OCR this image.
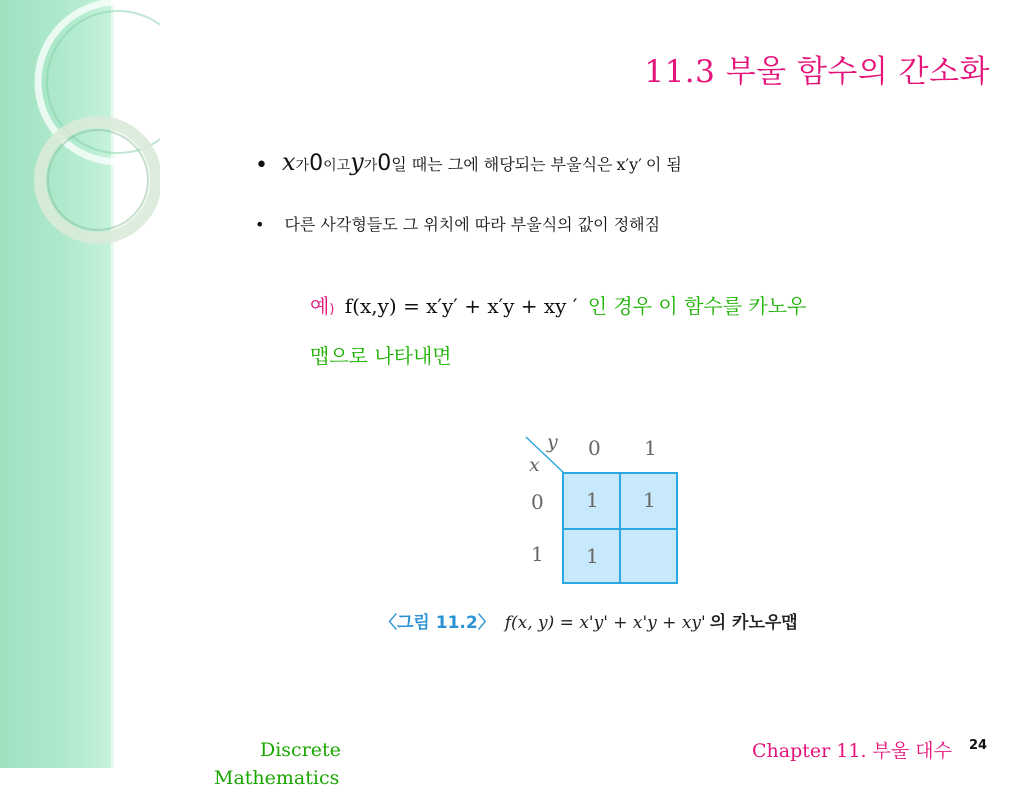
11.3 부울 함수의 간소화
• x가0이고y가0일 때는 그에 해당되는 부울식은 x′y′ 이 됨
• 다른 사각형들도 그 위치에 따라 부울식의 값이 정해짐
예) f(x,y) = x′y′ + x′y + xy ′ 인 경우 이 함수를 카노우
맵으로 나타내면
y
x
0 1
0
1
1 1
1
〈그림 11.2〉 f(x, y) = x'y' + x'y + xy' 의 카노우맵
Discrete
Mathematics
Chapter 11. 부울 대수 24
